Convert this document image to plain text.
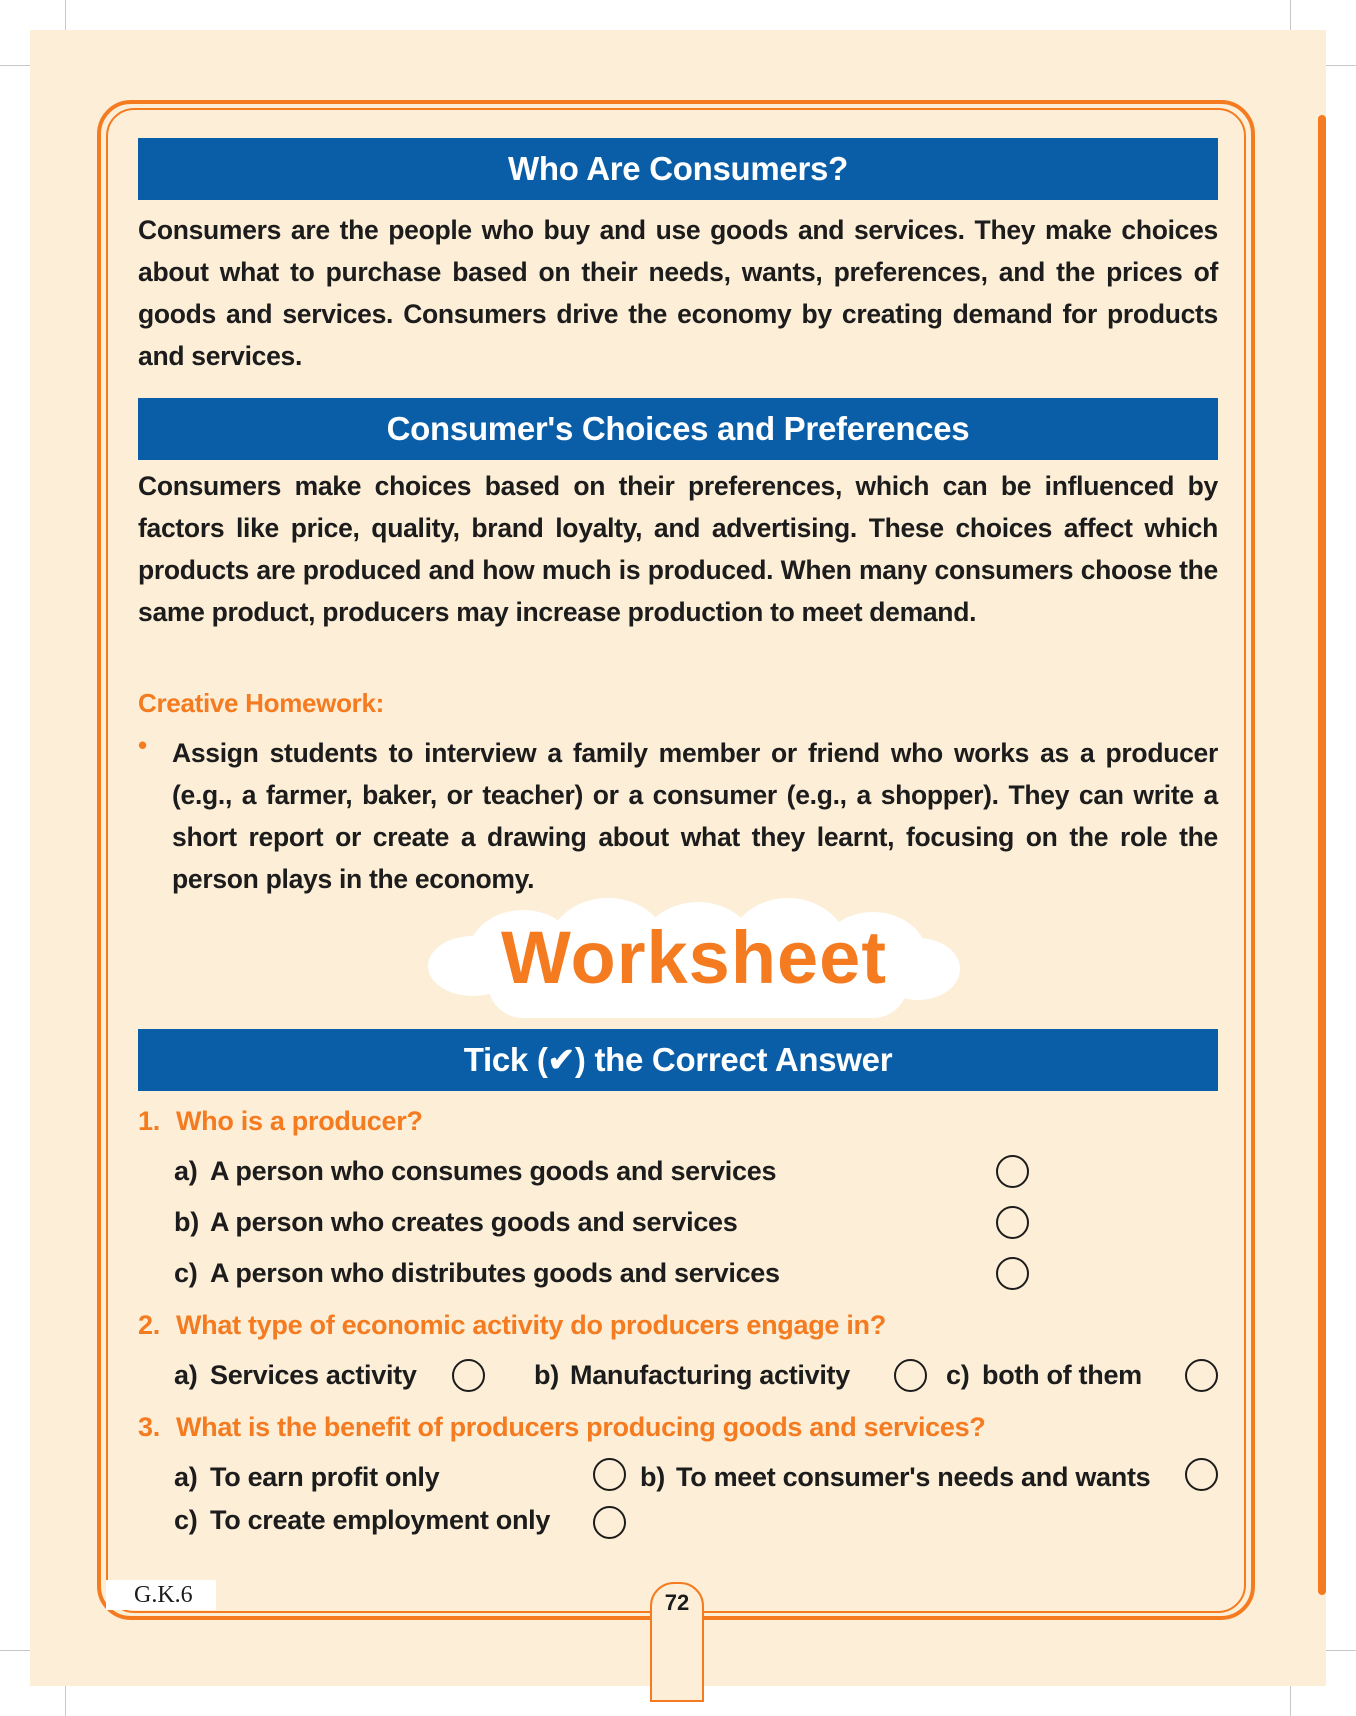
Who Are Consumers?

Consumers are the people who buy and use goods and services. They make choices about what to purchase based on their needs, wants, preferences, and the prices of goods and services. Consumers drive the economy by creating demand for products and services.

Consumer's Choices and Preferences

Consumers make choices based on their preferences, which can be influenced by factors like price, quality, brand loyalty, and advertising. These choices affect which products are produced and how much is produced. When many consumers choose the same product, producers may increase production to meet demand.

Creative Homework:
• Assign students to interview a family member or friend who works as a producer (e.g., a farmer, baker, or teacher) or a consumer (e.g., a shopper). They can write a short report or create a drawing about what they learnt, focusing on the role the person plays in the economy.

Worksheet
Tick (✔) the Correct Answer
1. Who is a producer?
a) A person who consumes goods and services
b) A person who creates goods and services
c) A person who distributes goods and services
2. What type of economic activity do producers engage in?
a) Services activity	b) Manufacturing activity	c) both of them
3. What is the benefit of producers producing goods and services?
a) To earn profit only	b) To meet consumer's needs and wants
c) To create employment only
G.K.6	72
